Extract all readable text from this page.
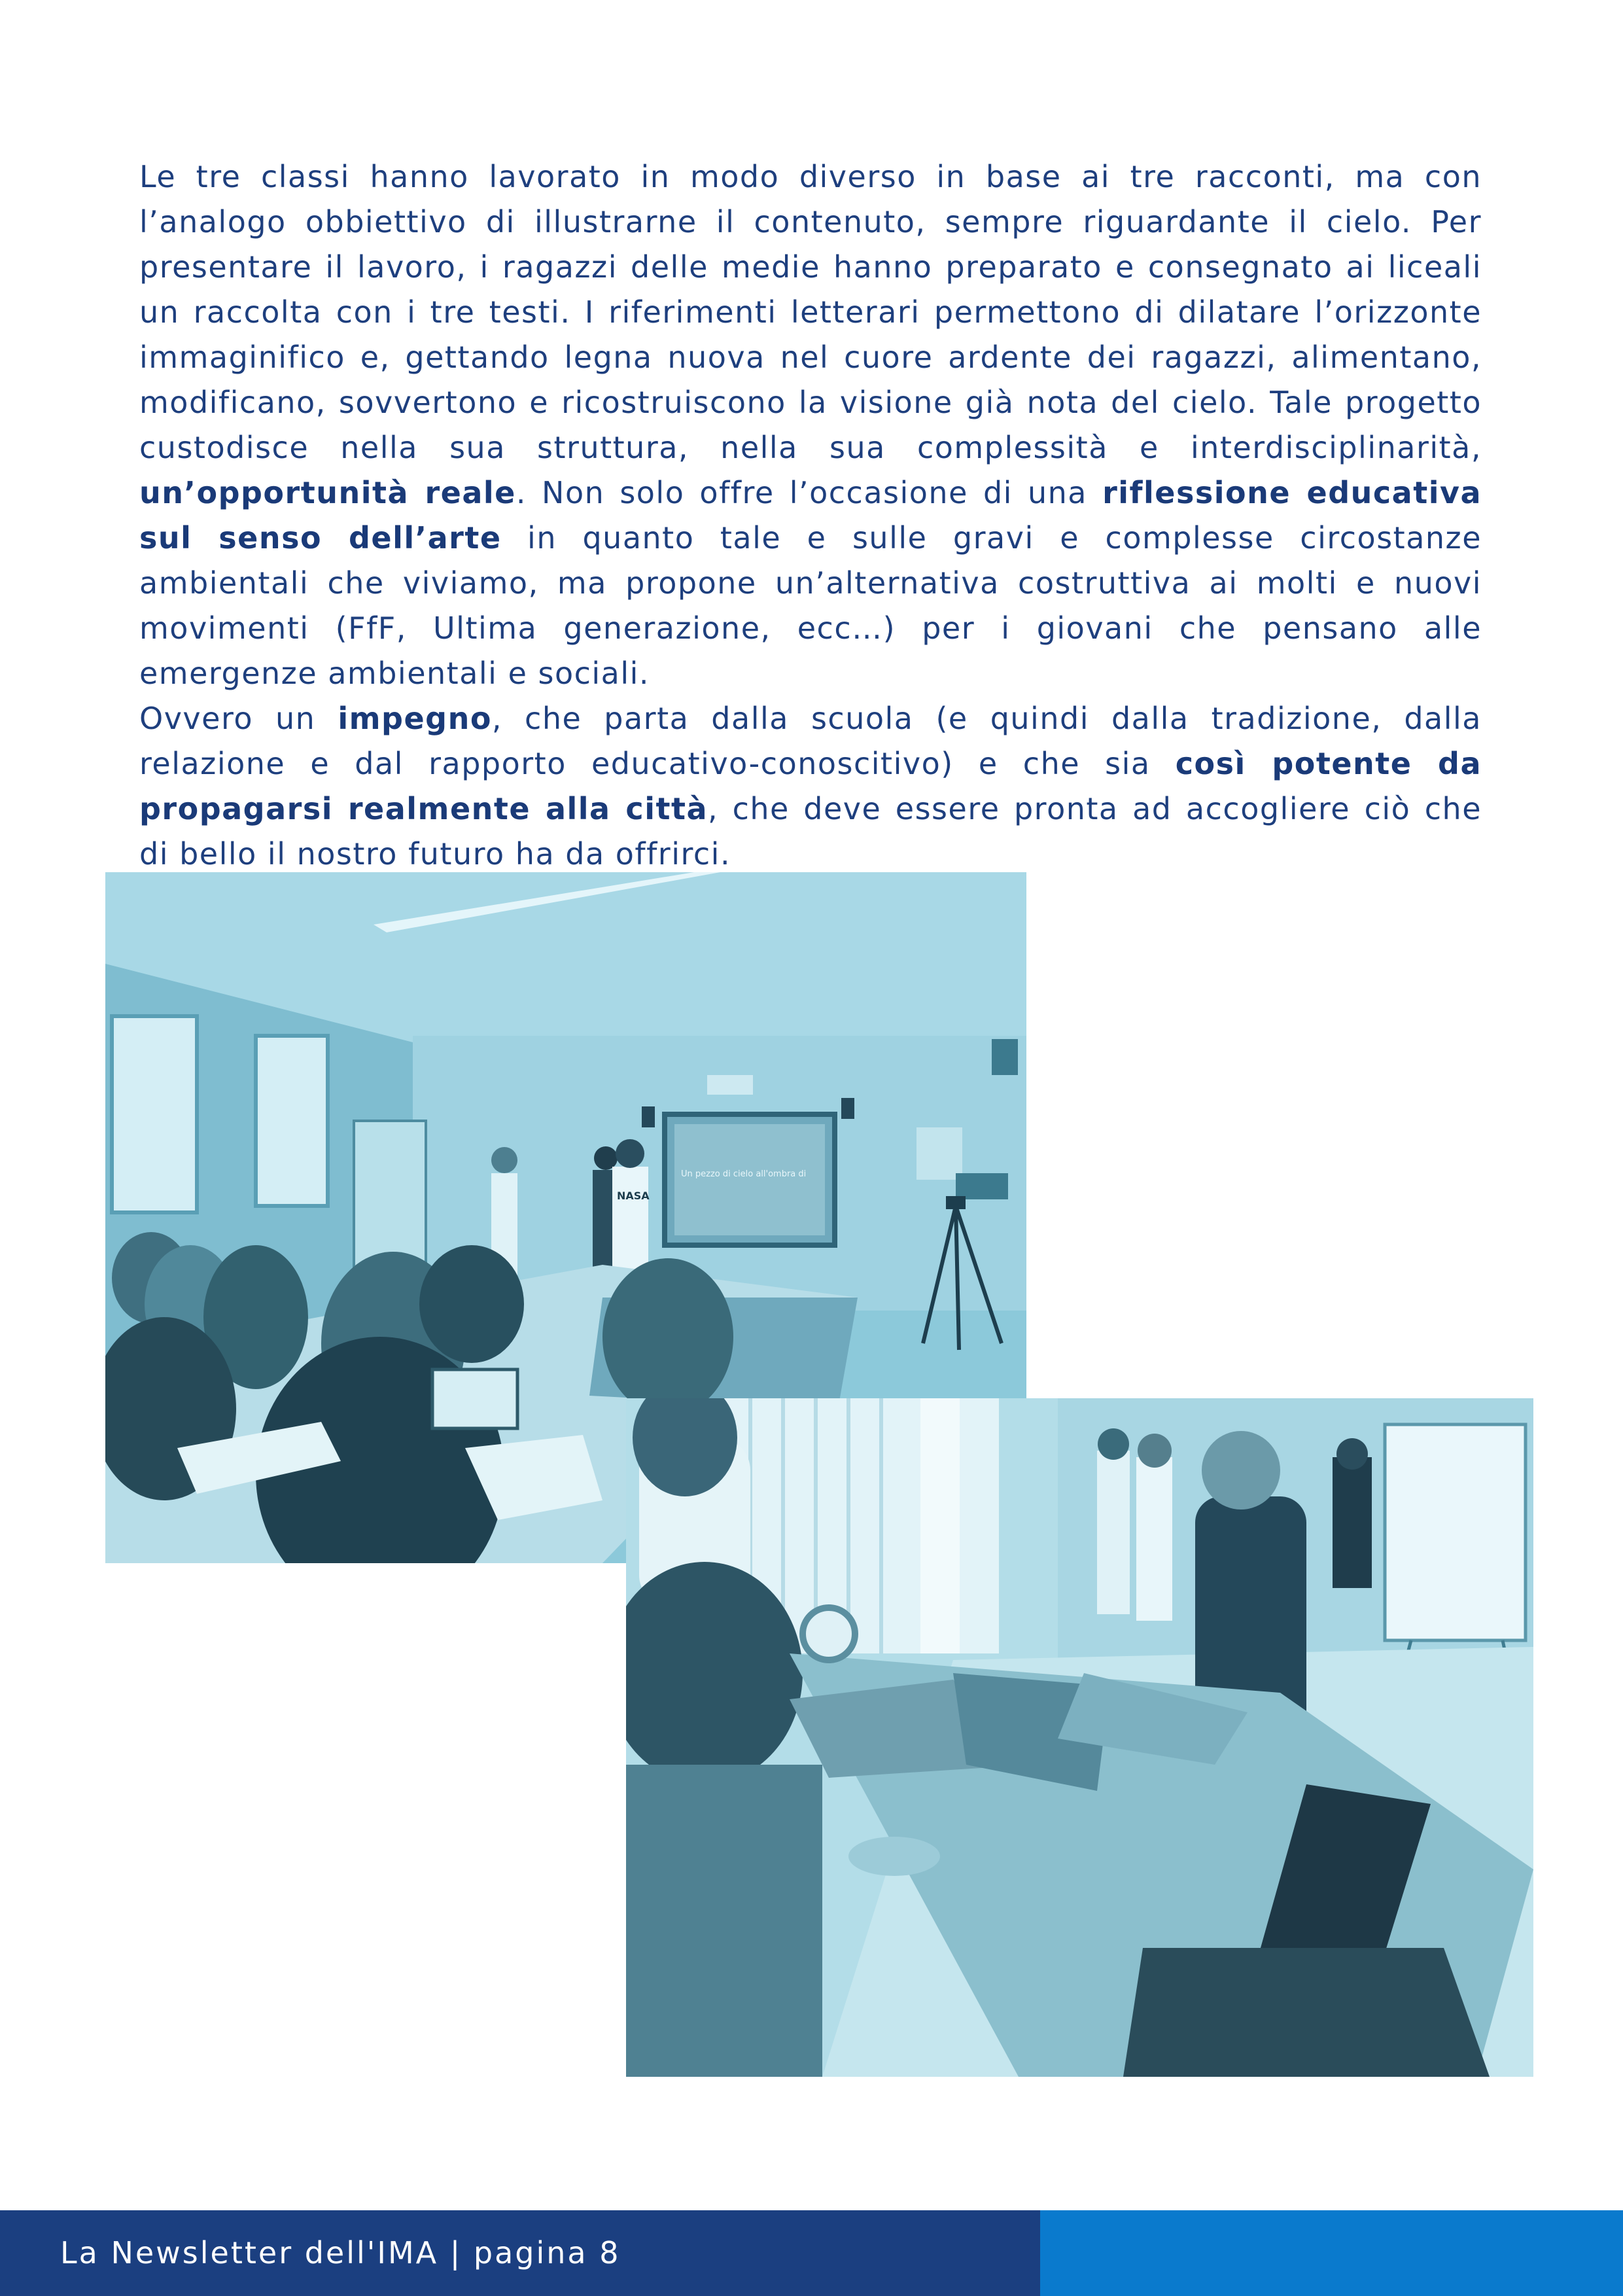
Le tre classi hanno lavorato in modo diverso in base ai tre racconti, ma con l’analogo obbiettivo di illustrarne il contenuto, sempre riguardante il cielo. Per presentare il lavoro, i ragazzi delle medie hanno preparato e consegnato ai liceali un raccolta con i tre testi. I riferimenti letterari permettono di dilatare l’orizzonte immaginifico e, gettando legna nuova nel cuore ardente dei ragazzi, alimentano, modificano, sovvertono e ricostruiscono la visione già nota del cielo. Tale progetto custodisce nella sua struttura, nella sua complessità e interdisciplinarità, un’opportunità reale. Non solo offre l’occasione di una riflessione educativa sul senso dell’arte in quanto tale e sulle gravi e complesse circostanze ambientali che viviamo, ma propone un’alternativa costruttiva ai molti e nuovi movimenti (FfF, Ultima generazione, ecc…) per i giovani che pensano alle emergenze ambientali e sociali.

Ovvero un impegno, che parta dalla scuola (e quindi dalla tradizione, dalla relazione e dal rapporto educativo-conoscitivo) e che sia così potente da propagarsi realmente alla città, che deve essere pronta ad accogliere ciò che di bello il nostro futuro ha da offrirci.

Un pezzo di cielo all'ombra di
NASA
La Newsletter dell'IMA | pagina 8
